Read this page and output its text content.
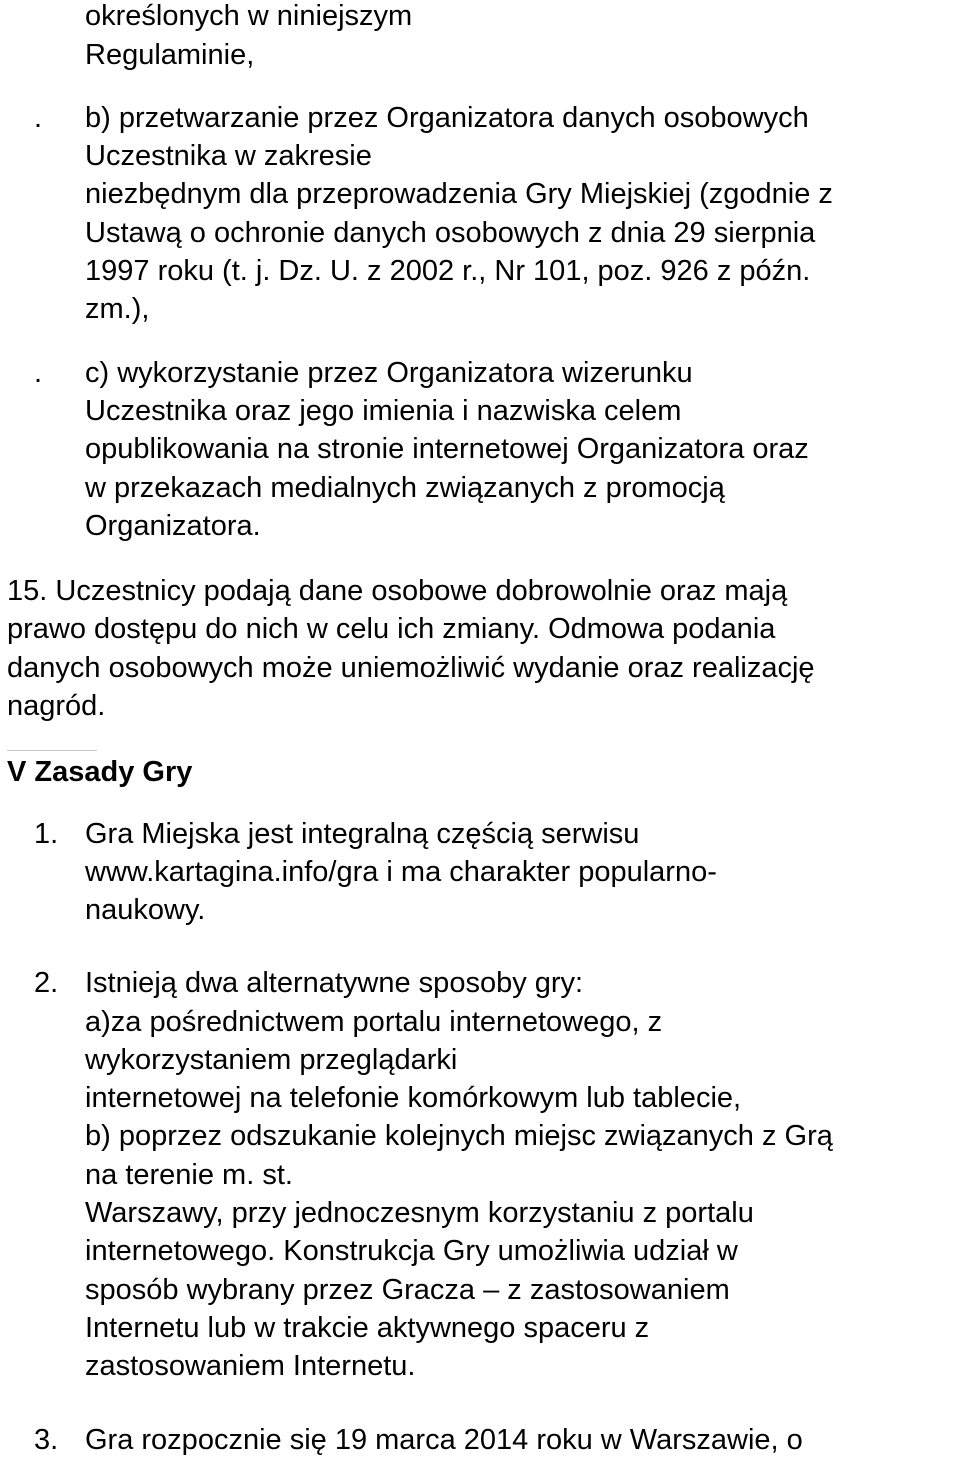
określonych w niniejszym
Regulaminie,
. b) przetwarzanie przez Organizatora danych osobowych
Uczestnika w zakresie
niezbędnym dla przeprowadzenia Gry Miejskiej (zgodnie z
Ustawą o ochronie danych osobowych z dnia 29 sierpnia
1997 roku (t. j. Dz. U. z 2002 r., Nr 101, poz. 926 z późn.
zm.),
. c) wykorzystanie przez Organizatora wizerunku
Uczestnika oraz jego imienia i nazwiska celem
opublikowania na stronie internetowej Organizatora oraz
w przekazach medialnych związanych z promocją
Organizatora.
15. Uczestnicy podają dane osobowe dobrowolnie oraz mają
prawo dostępu do nich w celu ich zmiany. Odmowa podania
danych osobowych może uniemożliwić wydanie oraz realizację
nagród.
V Zasady Gry
1. Gra Miejska jest integralną częścią serwisu
www.kartagina.info/gra i ma charakter popularno-
naukowy.
2. Istnieją dwa alternatywne sposoby gry:
a)za pośrednictwem portalu internetowego, z
wykorzystaniem przeglądarki
internetowej na telefonie komórkowym lub tablecie,
b) poprzez odszukanie kolejnych miejsc związanych z Grą
na terenie m. st.
Warszawy, przy jednoczesnym korzystaniu z portalu
internetowego. Konstrukcja Gry umożliwia udział w
sposób wybrany przez Gracza – z zastosowaniem
Internetu lub w trakcie aktywnego spaceru z
zastosowaniem Internetu.
3. Gra rozpocznie się 19 marca 2014 roku w Warszawie, o
